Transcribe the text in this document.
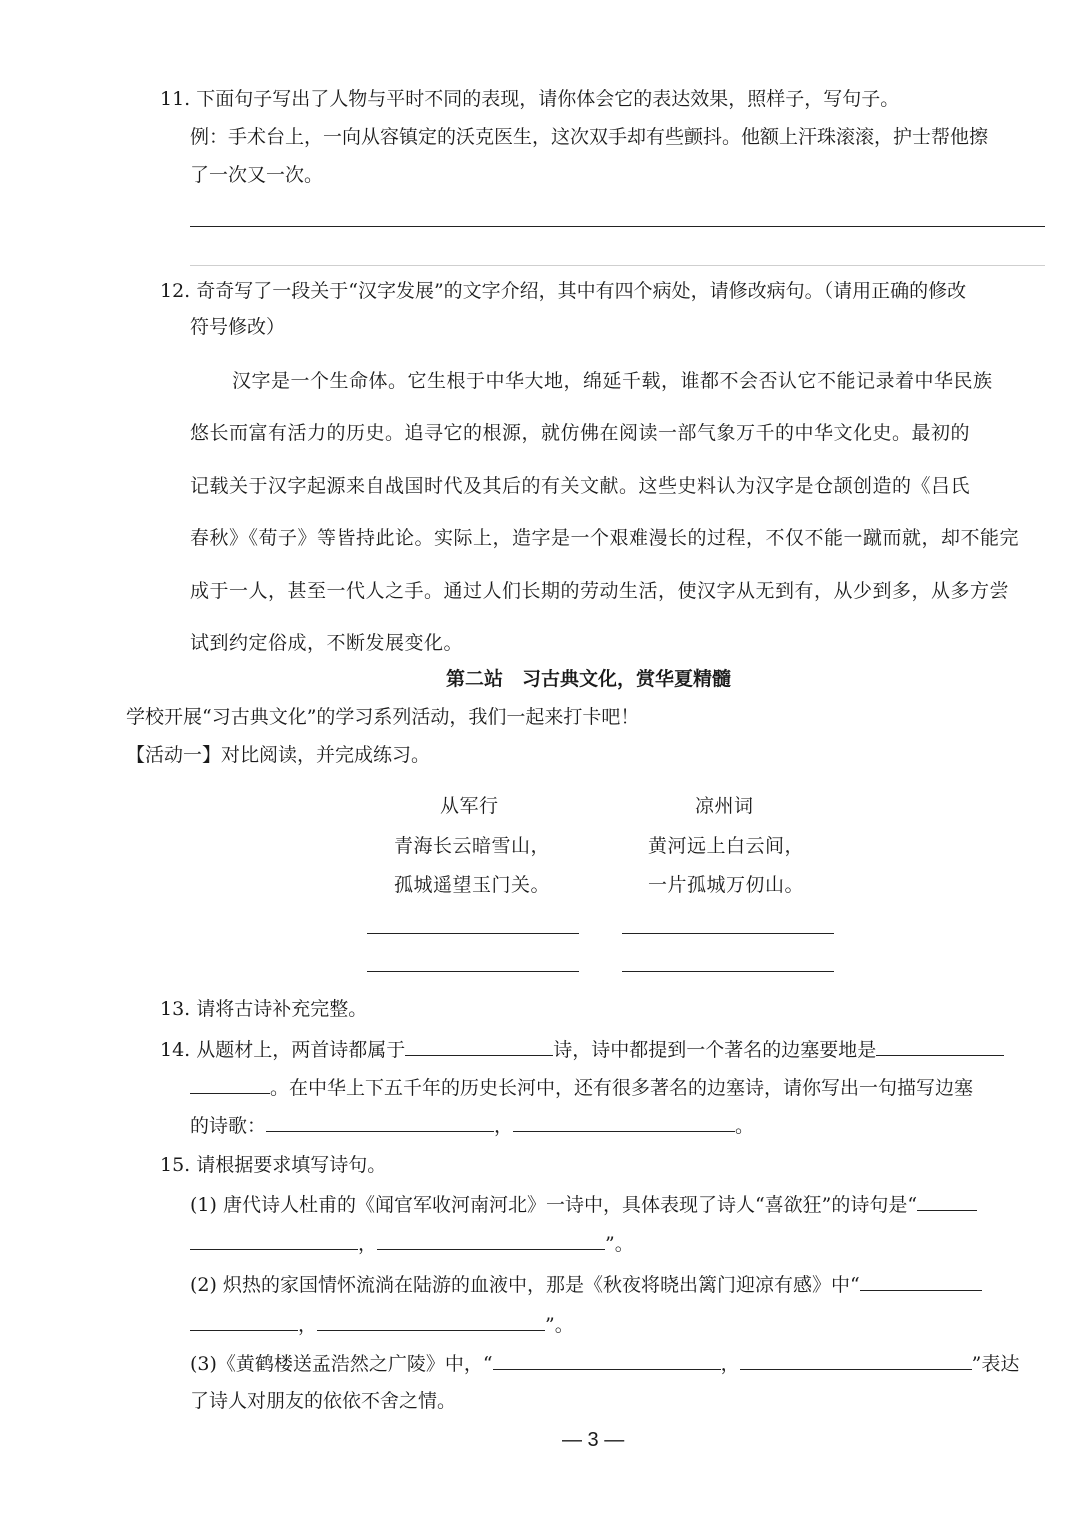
11. 下面句子写出了人物与平时不同的表现，请你体会它的表达效果，照样子，写句子。

例：手术台上，一向从容镇定的沃克医生，这次双手却有些颤抖。他额上汗珠滚滚，护士帮他擦

了一次又一次。

12. 奇奇写了一段关于“汉字发展”的文字介绍，其中有四个病处，请修改病句。（请用正确的修改

符号修改）

汉字是一个生命体。它生根于中华大地，绵延千载，谁都不会否认它不能记录着中华民族

悠长而富有活力的历史。追寻它的根源，就仿佛在阅读一部气象万千的中华文化史。最初的

记载关于汉字起源来自战国时代及其后的有关文献。这些史料认为汉字是仓颉创造的《吕氏

春秋》《荀子》等皆持此论。实际上，造字是一个艰难漫长的过程，不仅不能一蹴而就，却不能完

成于一人，甚至一代人之手。通过人们长期的劳动生活，使汉字从无到有，从少到多，从多方尝

试到约定俗成，不断发展变化。

第二站　习古典文化，赏华夏精髓

学校开展“习古典文化”的学习系列活动，我们一起来打卡吧！

【活动一】对比阅读，并完成练习。

从军行

青海长云暗雪山，

孤城遥望玉门关。

凉州词

黄河远上白云间，

一片孤城万仞山。

13. 请将古诗补充完整。

14. 从题材上，两首诗都属于	诗，诗中都提到一个著名的边塞要地是

。在中华上下五千年的历史长河中，还有很多著名的边塞诗，请你写出一句描写边塞

的诗歌：	，	。

15. 请根据要求填写诗句。

(1) 唐代诗人杜甫的《闻官军收河南河北》一诗中，具体表现了诗人“喜欲狂”的诗句是“

，	”。

(2) 炽热的家国情怀流淌在陆游的血液中，那是《秋夜将晓出篱门迎凉有感》中“

，	”。

(3)《黄鹤楼送孟浩然之广陵》中，“	，	”表达

了诗人对朋友的依依不舍之情。

— 3 —
